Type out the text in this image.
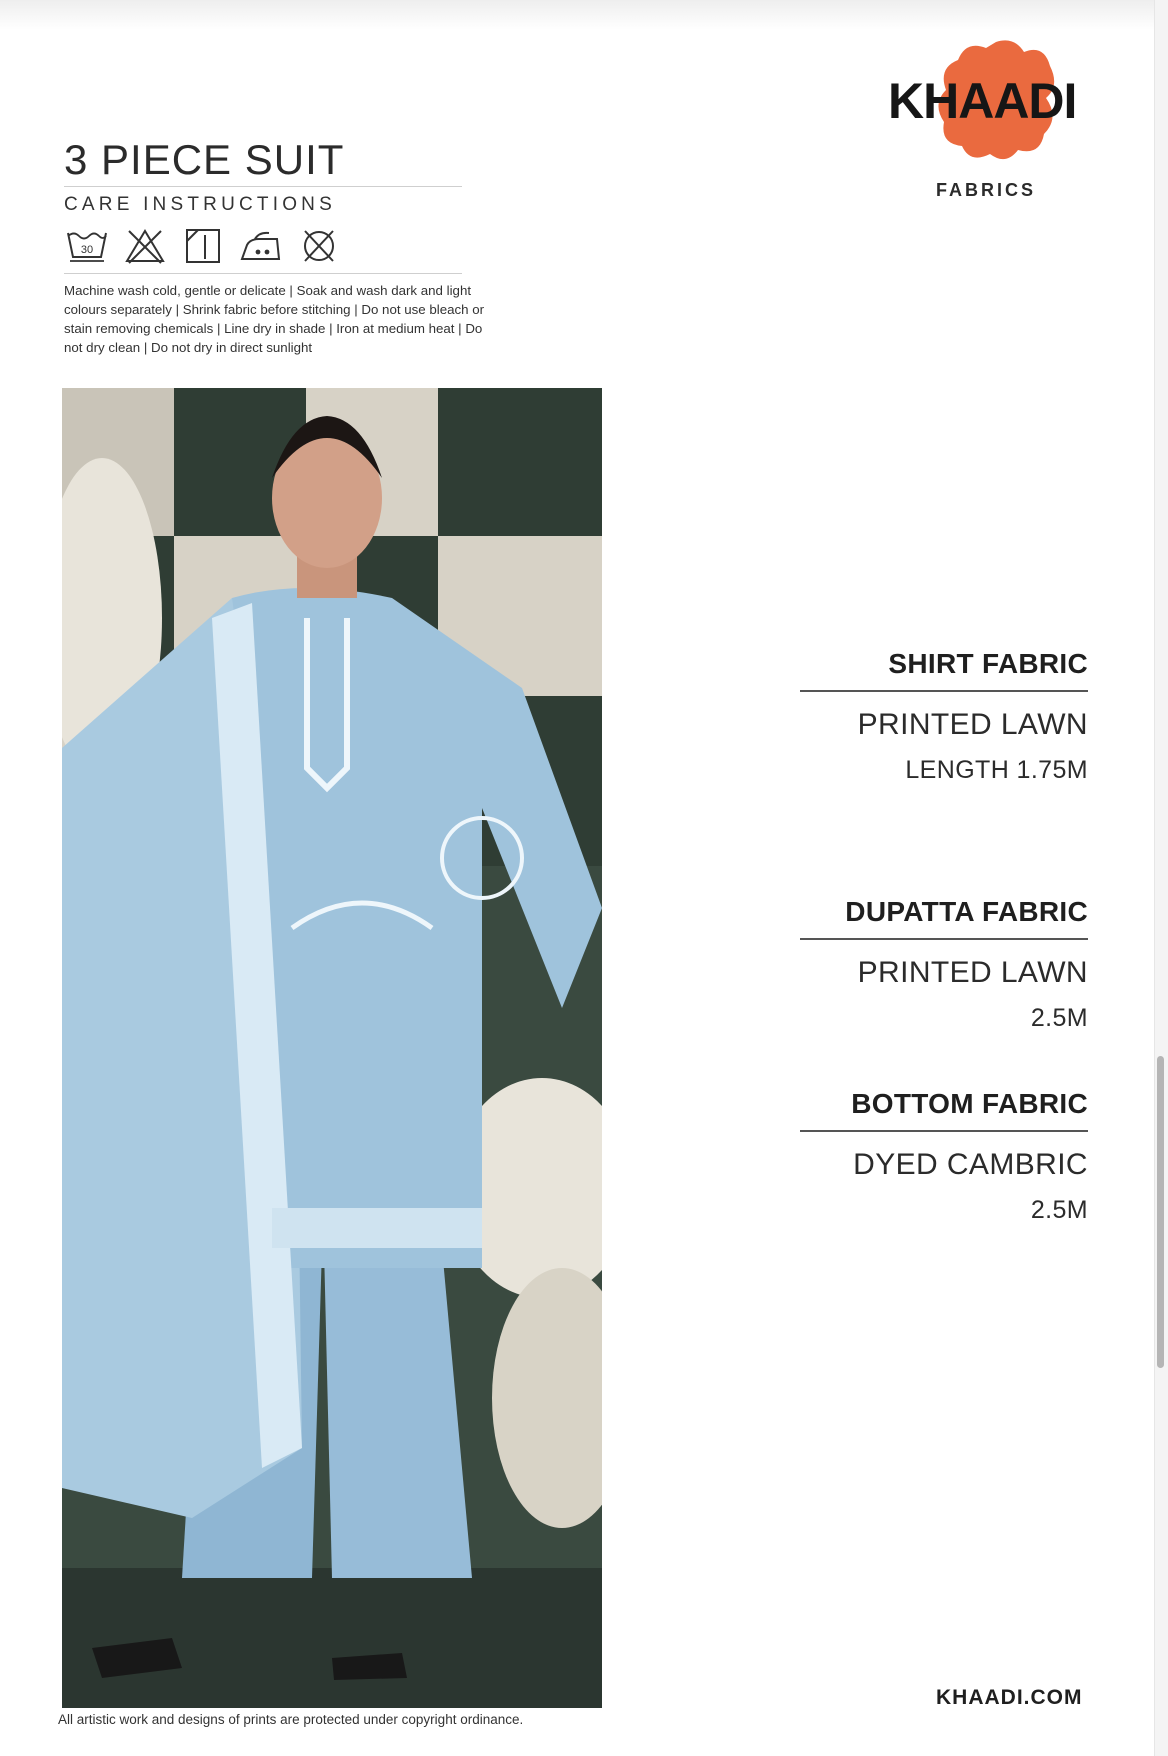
3 PIECE SUIT
CARE INSTRUCTIONS
30
Machine wash cold, gentle or delicate | Soak and wash dark and light colours separately | Shrink fabric before stitching | Do not use bleach or stain removing chemicals | Line dry in shade | Iron at medium heat | Do not dry clean | Do not dry in direct sunlight
All artistic work and designs of prints are protected under copyright ordinance.
KHAADI
FABRICS
SHIRT FABRIC
PRINTED LAWN
LENGTH 1.75M
DUPATTA FABRIC
PRINTED LAWN
2.5M
BOTTOM FABRIC
DYED CAMBRIC
2.5M
KHAADI.COM
